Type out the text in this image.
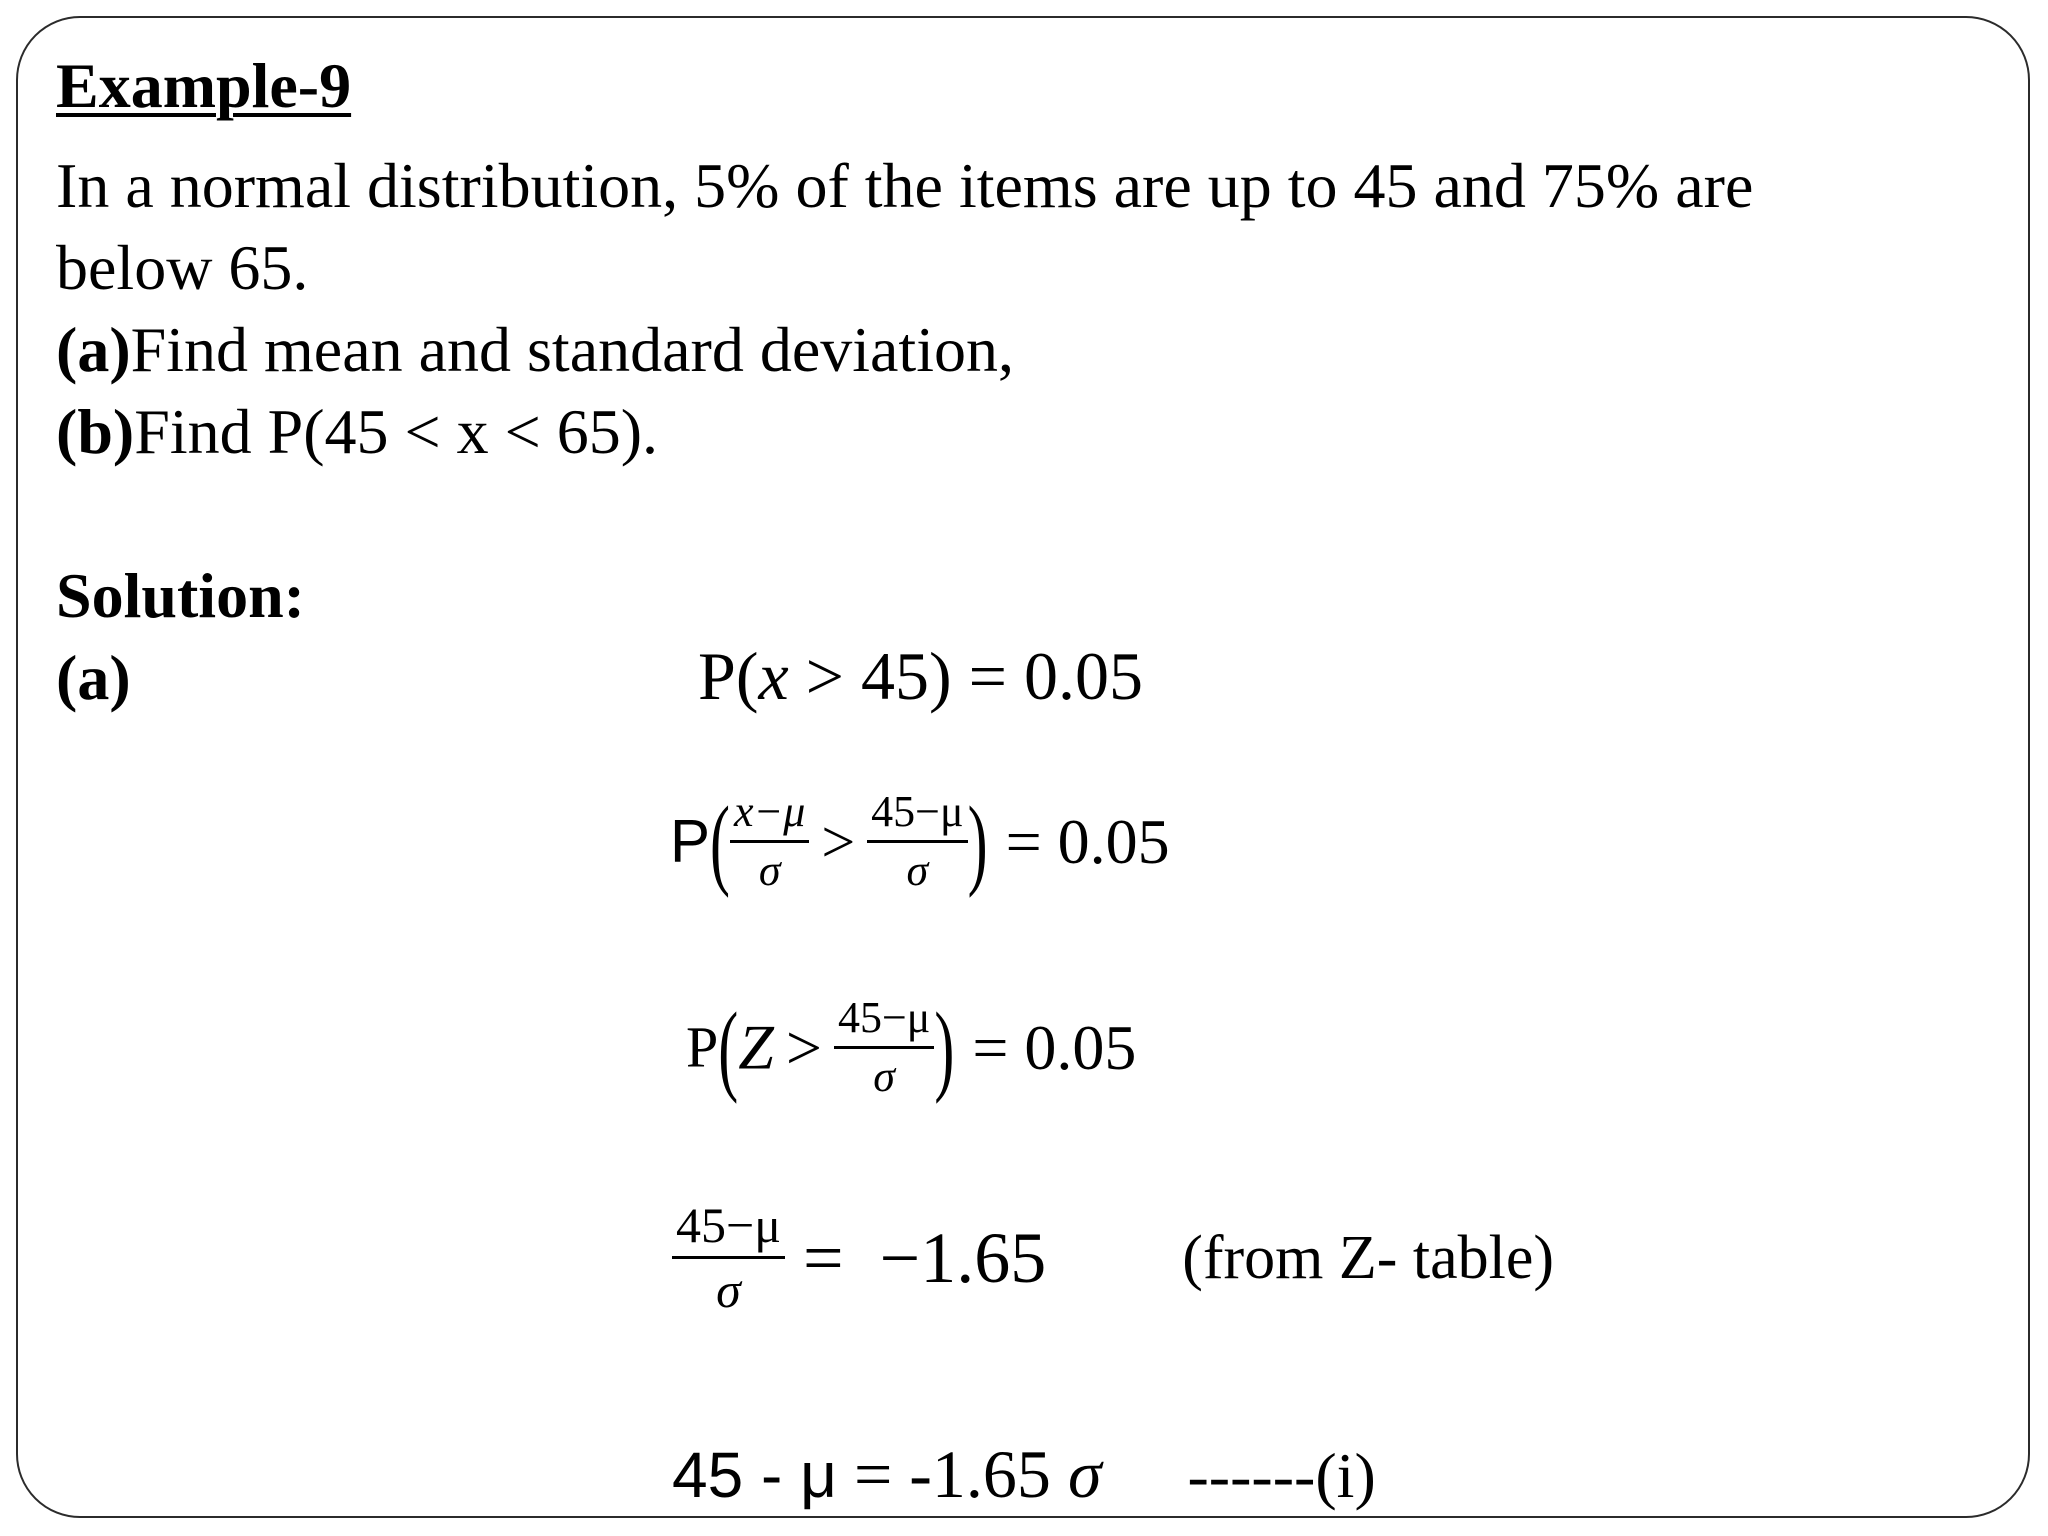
Example-9
In a normal distribution, 5% of the items are up to 45 and 75% are
below 65.
(a)Find mean and standard deviation,
(b)Find P(45 < x < 65).
Solution:
(a)	P(x > 45) = 0.05
$P( \frac{x-\mu}{\sigma} > \frac{45-\mu}{\sigma}$ ) = 0.05
$P(Z > \frac{45-\mu}{\sigma}$ ) = 0.05
$\frac{45-\mu}{\sigma} = -1.65$ (from Z- table)
45 - μ = -1.65 σ ------(i)
